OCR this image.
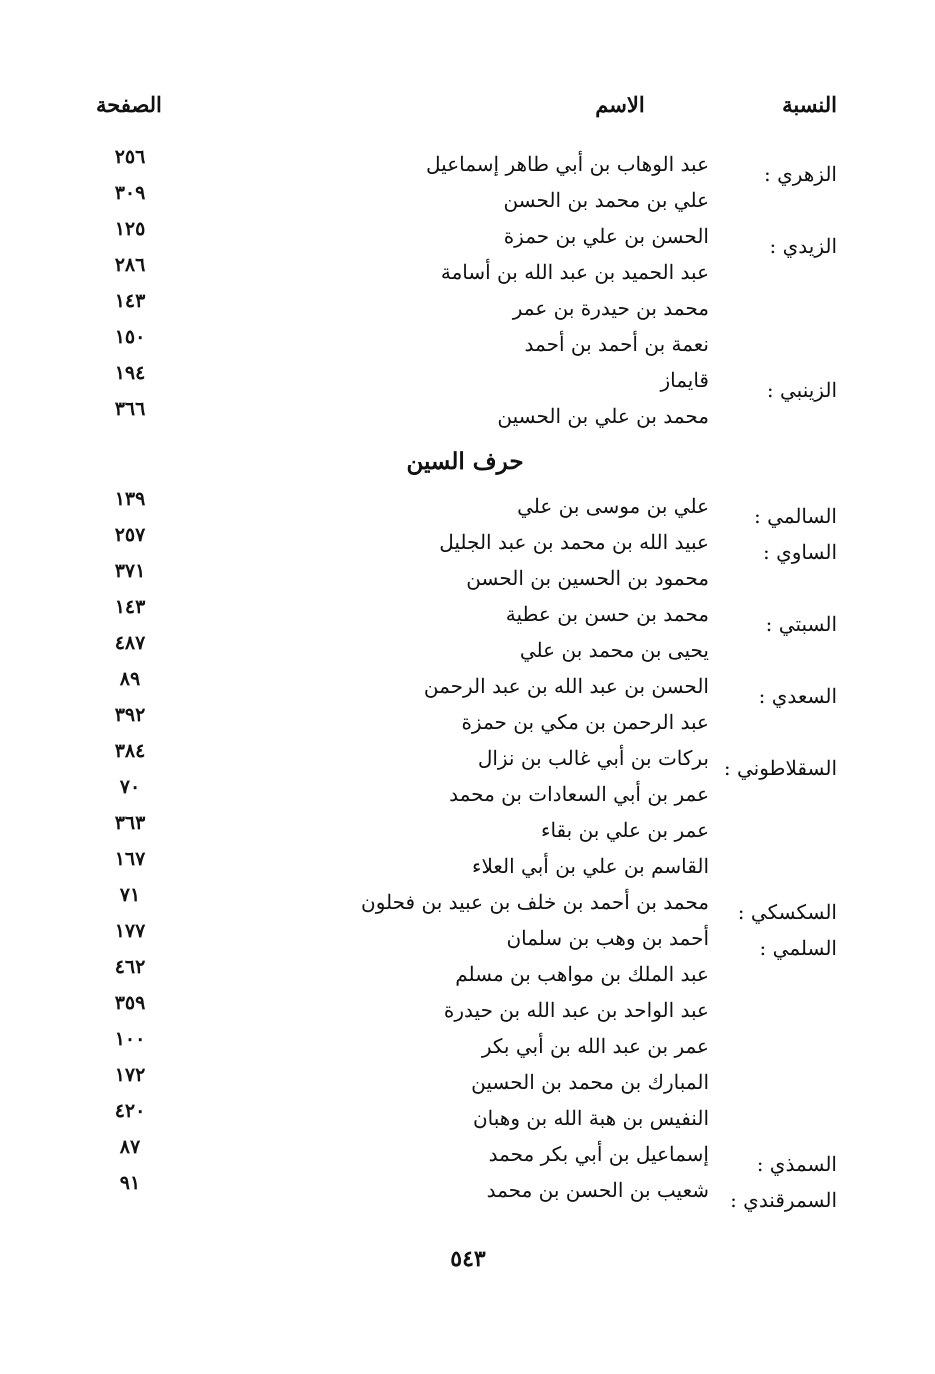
النسبة
الاسم
الصفحة
الزهري :
عبد الوهاب بن أبي طاهر إسماعيل
٢٥٦
علي بن محمد بن الحسن
٣٠٩
الزيدي :
الحسن بن علي بن حمزة
١٢٥
عبد الحميد بن عبد الله بن أسامة
٢٨٦
محمد بن حيدرة بن عمر
١٤٣
نعمة بن أحمد بن أحمد
١٥٠
الزينبي :
قايماز
١٩٤
محمد بن علي بن الحسين
٣٦٦
حرف السين
السالمي :
علي بن موسى بن علي
١٣٩
الساوي :
عبيد الله بن محمد بن عبد الجليل
٢٥٧
محمود بن الحسين بن الحسن
٣٧١
السبتي :
محمد بن حسن بن عطية
١٤٣
يحيى بن محمد بن علي
٤٨٧
السعدي :
الحسن بن عبد الله بن عبد الرحمن
٨٩
عبد الرحمن بن مكي بن حمزة
٣٩٢
السقلاطوني :
بركات بن أبي غالب بن نزال
٣٨٤
عمر بن أبي السعادات بن محمد
٧٠
عمر بن علي بن بقاء
٣٦٣
القاسم بن علي بن أبي العلاء
١٦٧
السكسكي :
محمد بن أحمد بن خلف بن عبيد بن فحلون
٧١
السلمي :
أحمد بن وهب بن سلمان
١٧٧
عبد الملك بن مواهب بن مسلم
٤٦٢
عبد الواحد بن عبد الله بن حيدرة
٣٥٩
عمر بن عبد الله بن أبي بكر
١٠٠
المبارك بن محمد بن الحسين
١٧٢
النفيس بن هبة الله بن وهبان
٤٢٠
السمذي :
إسماعيل بن أبي بكر محمد
٨٧
السمرقندي :
شعيب بن الحسن بن محمد
٩١
٥٤٣
